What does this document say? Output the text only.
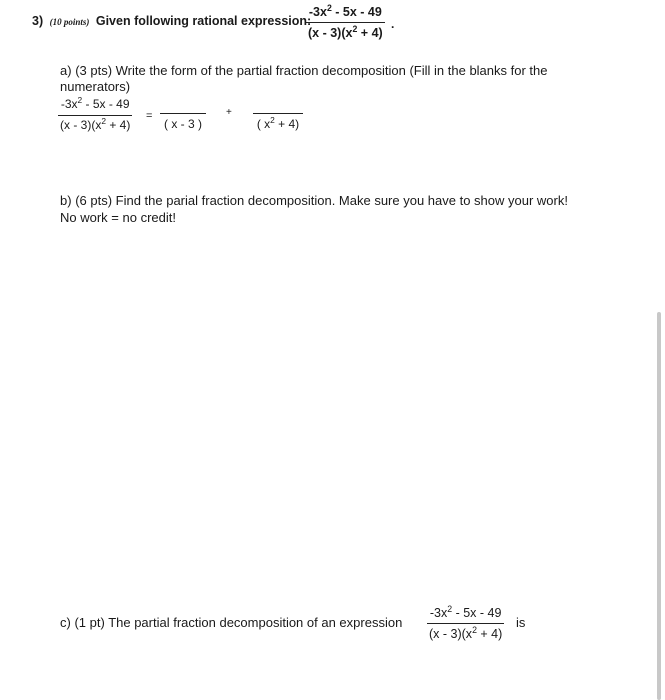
3) (10 points) Given following rational expression:
$-3x^2 - 5x - 49$
$(x - 3)(x^2 + 4)$
.
a) (3 pts) Write the form of the partial fraction decomposition (Fill in the blanks for the
numerators)
$-3x^2 - 5x - 49$
$(x - 3)(x^2 + 4)$
=
( x - 3 )
+
( $x^2 + 4$)
b) (6 pts) Find the parial fraction decomposition. Make sure you have to show your work!
No work = no credit!
c) (1 pt) The partial fraction decomposition of an expression
$-3x^2 - 5x - 49$
$(x - 3)(x^2 + 4)$
is
